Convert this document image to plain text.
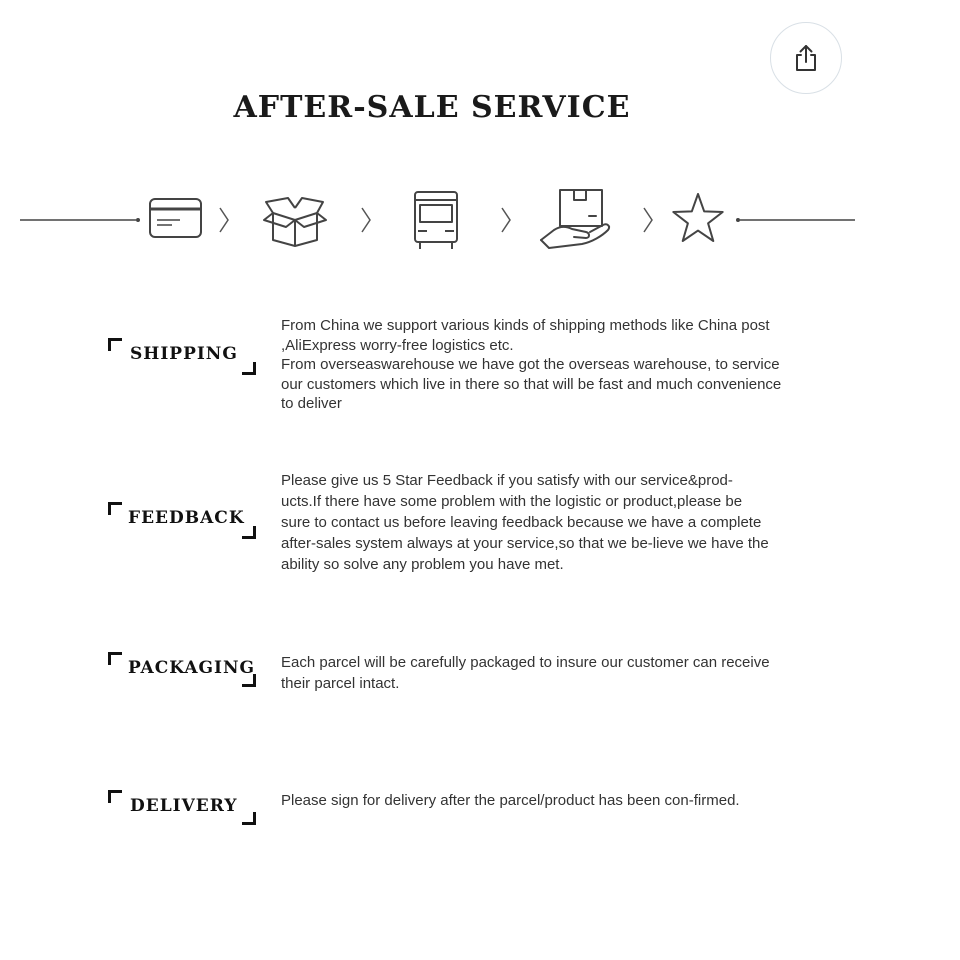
AFTER-SALE SERVICE
SHIPPING

From China we support various kinds of shipping methods like China post ,AliExpress worry-free logistics etc.

From overseaswarehouse we have got the overseas warehouse, to service our customers which live in there so that will be fast and much convenience to deliver

FEEDBACK

Please give us 5 Star Feedback if you satisfy with our service&prod-ucts.If there have some problem with the logistic or product,please be sure to contact us before leaving feedback because we have a complete after-sales system always at your service,so that we be-lieve we have the ability so solve any problem you have met.

PACKAGING Each parcel will be carefully packaged to insure our customer can receive their parcel intact.

DELIVERY	Please sign for delivery after the parcel/product has been con-firmed.
